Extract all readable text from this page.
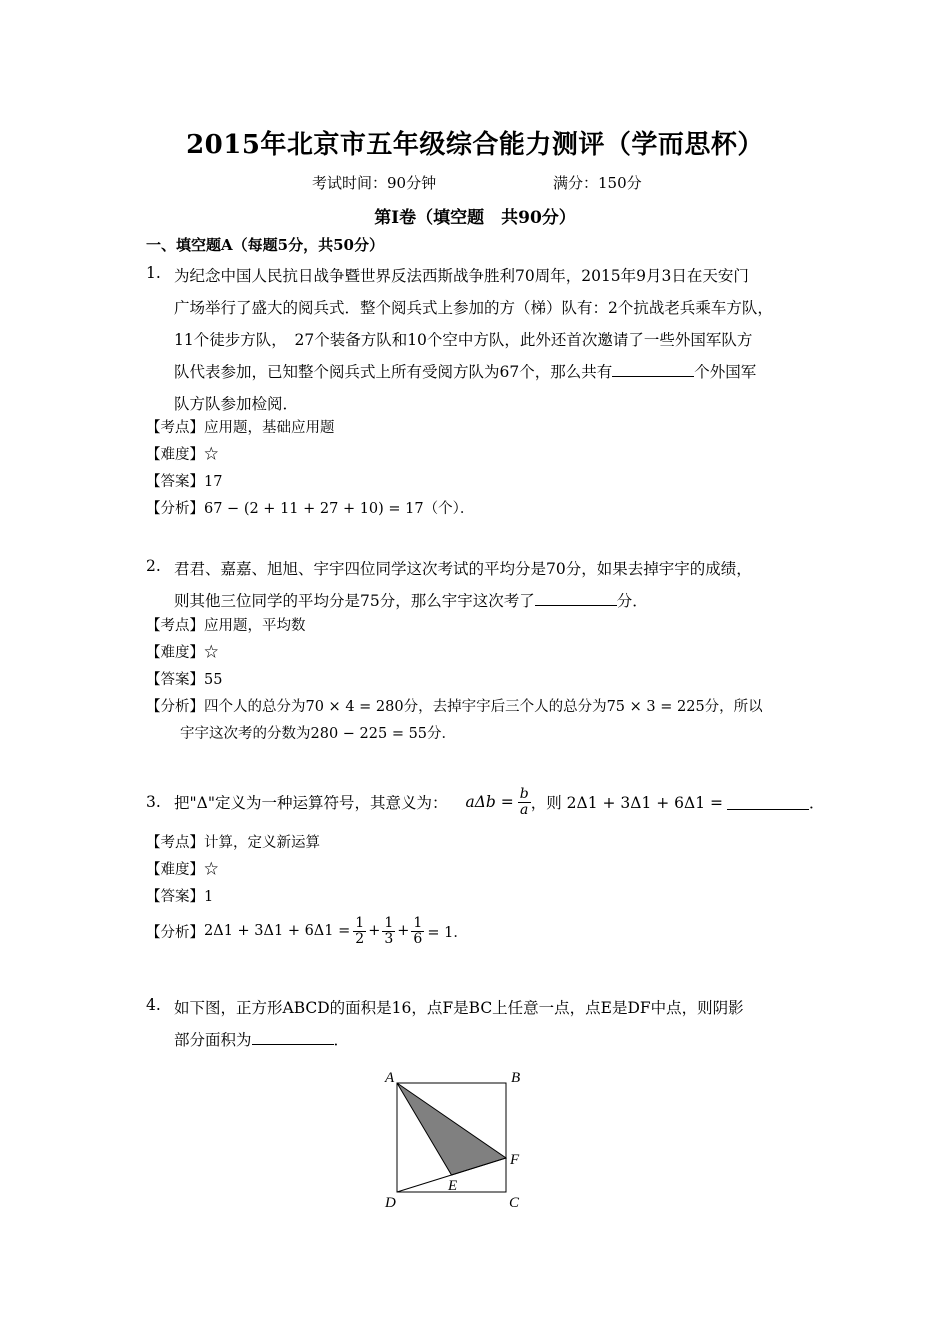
2015年北京市五年级综合能力测评（学而思杯）
考试时间：90分钟	满分：150分
第Ⅰ卷（填空题　共90分）
一、填空题A（每题5分，共50分）
1. 为纪念中国人民抗日战争暨世界反法西斯战争胜利70周年，2015年9月3日在天安门
广场举行了盛大的阅兵式．整个阅兵式上参加的方（梯）队有：2个抗战老兵乘车方队，
11个徒步方队，　27个装备方队和10个空中方队，此外还首次邀请了一些外国军队方
队代表参加，已知整个阅兵式上所有受阅方队为67个，那么共有	个外国军
队方队参加检阅．
【考点】应用题，基础应用题
【难度】☆
【答案】17
【分析】67 − (2 + 11 + 27 + 10) = 17（个）．
2. 君君、嘉嘉、旭旭、宇宇四位同学这次考试的平均分是70分，如果去掉宇宇的成绩，
则其他三位同学的平均分是75分，那么宇宇这次考了	分．
【考点】应用题，平均数
【难度】☆
【答案】55
【分析】四个人的总分为70 × 4 = 280分，去掉宇宇后三个人的总分为75 × 3 = 225分，所以
宇宇这次考的分数为280 − 225 = 55分．
3. 把"Δ"定义为一种运算符号，其意义为： $a\Delta b = \frac{b}{a}$ ，则 2Δ1 + 3Δ1 + 6Δ1 =	．
【考点】计算，定义新运算
【难度】☆
【答案】1
【分析】 $2\Delta 1 + 3\Delta 1 + 6\Delta 1 = \frac{1}{2} + \frac{1}{3} + \frac{1}{6} = 1$．
4. 如下图，正方形ABCD的面积是16，点F是BC上任意一点，点E是DF中点，则阴影
部分面积为	．
A	B
F
D	C
E
